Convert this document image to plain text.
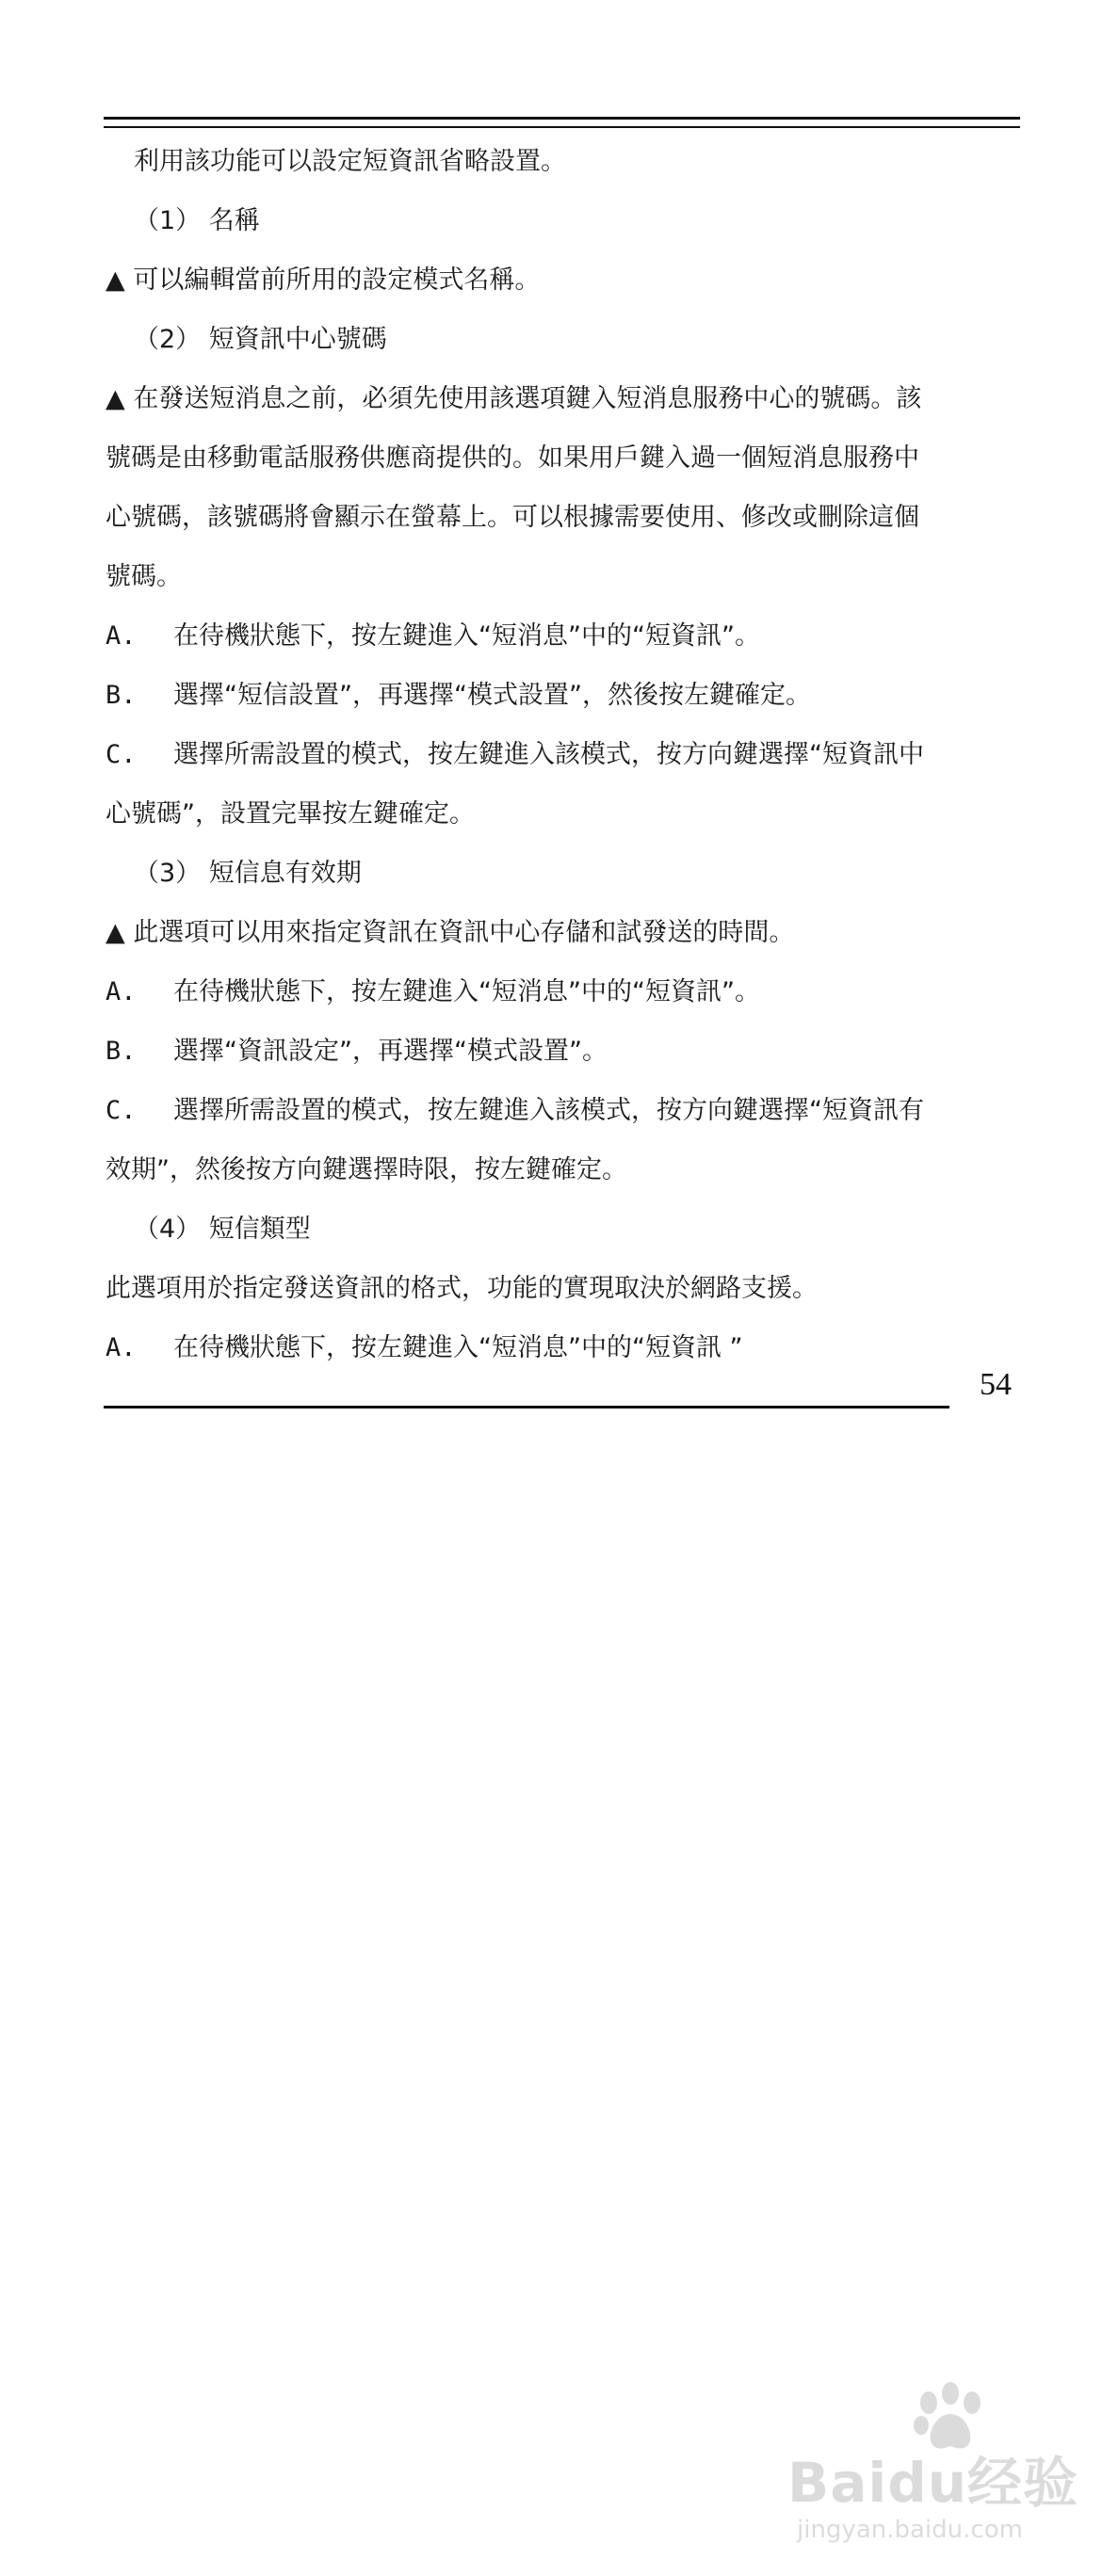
利用該功能可以設定短資訊省略設置。
（1） 名稱
▲ 可以編輯當前所用的設定模式名稱。
（2） 短資訊中心號碼
▲ 在發送短消息之前，必須先使用該選項鍵入短消息服務中心的號碼。該
號碼是由移動電話服務供應商提供的。如果用戶鍵入過一個短消息服務中
心號碼，該號碼將會顯示在螢幕上。可以根據需要使用、修改或刪除這個
號碼。
A. 在待機狀態下，按左鍵進入“短消息”中的“短資訊”。
B. 選擇“短信設置”，再選擇“模式設置”，然後按左鍵確定。
C. 選擇所需設置的模式，按左鍵進入該模式，按方向鍵選擇“短資訊中
心號碼”，設置完畢按左鍵確定。
（3） 短信息有效期
▲ 此選項可以用來指定資訊在資訊中心存儲和試發送的時間。
A. 在待機狀態下，按左鍵進入“短消息”中的“短資訊”。
B. 選擇“資訊設定”，再選擇“模式設置”。
C. 選擇所需設置的模式，按左鍵進入該模式，按方向鍵選擇“短資訊有
效期”，然後按方向鍵選擇時限，按左鍵確定。
（4） 短信類型
此選項用於指定發送資訊的格式，功能的實現取決於網路支援。
A. 在待機狀態下，按左鍵進入“短消息”中的“短資訊 ”
54
Baidu经验
jingyan.baidu.com
